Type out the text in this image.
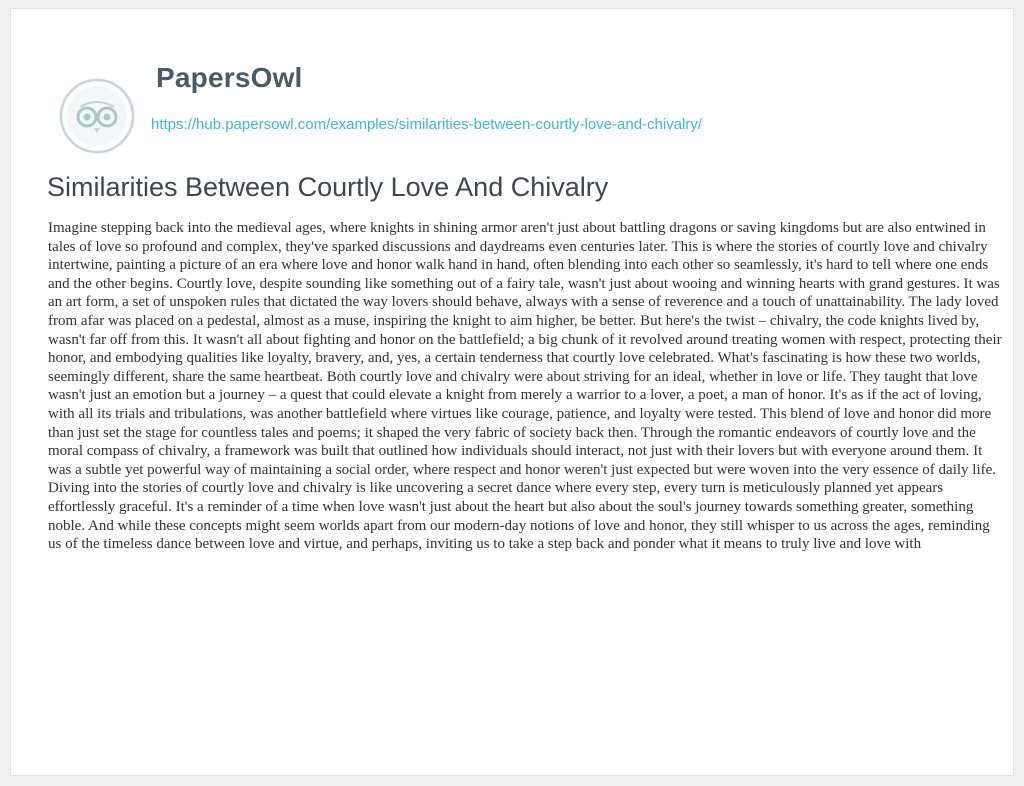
PapersOwl
https://hub.papersowl.com/examples/similarities-between-courtly-love-and-chivalry/
Similarities Between Courtly Love And Chivalry

Imagine stepping back into the medieval ages, where knights in shining armor aren't just about battling dragons or saving kingdoms but are also entwined in tales of love so profound and complex, they've sparked discussions and daydreams even centuries later. This is where the stories of courtly love and chivalry intertwine, painting a picture of an era where love and honor walk hand in hand, often blending into each other so seamlessly, it's hard to tell where one ends and the other begins. Courtly love, despite sounding like something out of a fairy tale, wasn't just about wooing and winning hearts with grand gestures. It was an art form, a set of unspoken rules that dictated the way lovers should behave, always with a sense of reverence and a touch of unattainability. The lady loved from afar was placed on a pedestal, almost as a muse, inspiring the knight to aim higher, be better. But here's the twist – chivalry, the code knights lived by, wasn't far off from this. It wasn't all about fighting and honor on the battlefield; a big chunk of it revolved around treating women with respect, protecting their honor, and embodying qualities like loyalty, bravery, and, yes, a certain tenderness that courtly love celebrated. What's fascinating is how these two worlds, seemingly different, share the same heartbeat. Both courtly love and chivalry were about striving for an ideal, whether in love or life. They taught that love wasn't just an emotion but a journey – a quest that could elevate a knight from merely a warrior to a lover, a poet, a man of honor. It's as if the act of loving, with all its trials and tribulations, was another battlefield where virtues like courage, patience, and loyalty were tested. This blend of love and honor did more than just set the stage for countless tales and poems; it shaped the very fabric of society back then. Through the romantic endeavors of courtly love and the moral compass of chivalry, a framework was built that outlined how individuals should interact, not just with their lovers but with everyone around them. It was a subtle yet powerful way of maintaining a social order, where respect and honor weren't just expected but were woven into the very essence of daily life. Diving into the stories of courtly love and chivalry is like uncovering a secret dance where every step, every turn is meticulously planned yet appears effortlessly graceful. It's a reminder of a time when love wasn't just about the heart but also about the soul's journey towards something greater, something noble. And while these concepts might seem worlds apart from our modern-day notions of love and honor, they still whisper to us across the ages, reminding us of the timeless dance between love and virtue, and perhaps, inviting us to take a step back and ponder what it means to truly live and love with
